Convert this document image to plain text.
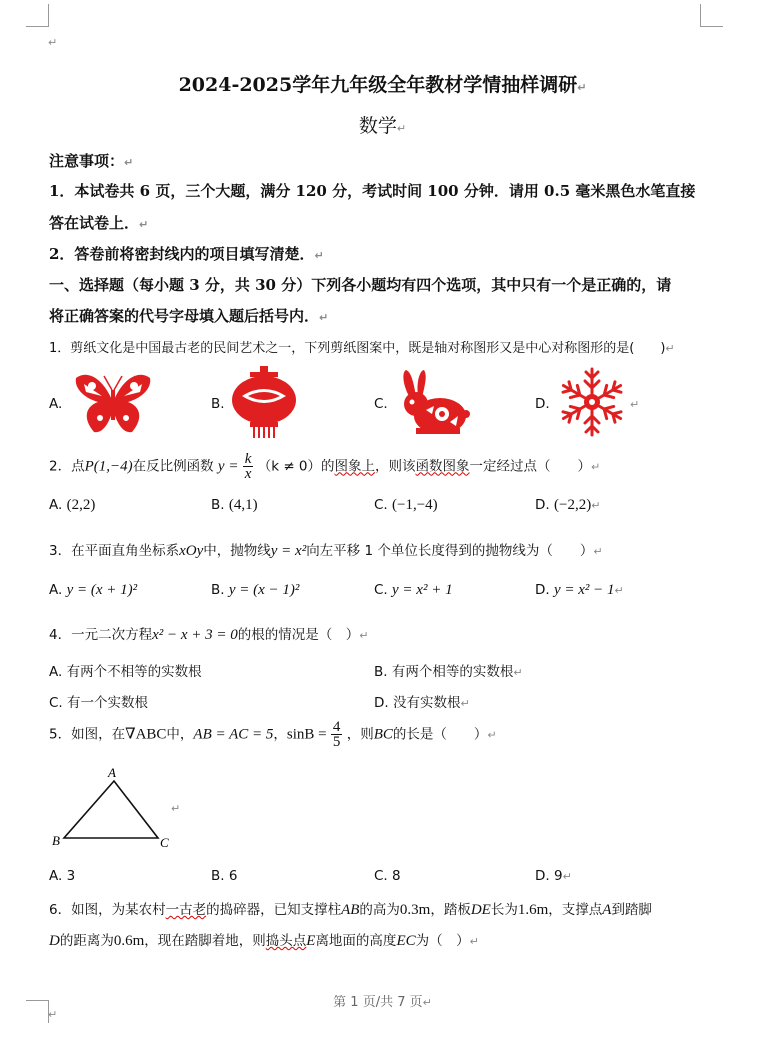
↵
2024-2025学年九年级全年教材学情抽样调研↵
数学↵
注意事项：↵
1．本试卷共 6 页，三个大题，满分 120 分，考试时间 100 分钟．请用 0.5 毫米黑色水笔直接
答在试卷上．↵
2．答卷前将密封线内的项目填写清楚．↵
一、选择题（每小题 3 分，共 30 分）下列各小题均有四个选项，其中只有一个是正确的，请
将正确答案的代号字母填入题后括号内．↵
1．剪纸文化是中国最古老的民间艺术之一，下列剪纸图案中，既是轴对称图形又是中心对称图形的是(　　)↵
A.	B.	C.	D.	↵
2．点P(1,−4)在反比例函数 $y = \frac{k}{x} (k \ne 0)$的图象上，则该函数图象一定经过点（　　）↵
A. (2,2)	B. (4,1)	C. (−1,−4)	D. (−2,2)↵
3．在平面直角坐标系xOy中，抛物线y = x²向左平移 1 个单位长度得到的抛物线为（　　）↵
A. y = (x + 1)²	B. y = (x − 1)²	C. y = x² + 1	D. y = x² − 1↵
4．一元二次方程x² − x + 3 = 0的根的情况是（　）↵
A. 有两个不相等的实数根	B. 有两个相等的实数根↵
C. 有一个实数根	D. 没有实数根↵
5．如图，在∇ABC中，AB = AC = 5，$\sin B = \frac{4}{5}$ ，则BC的长是（　　）↵
A
B	C
↵
A. 3	B. 6	C. 8	D. 9↵
6．如图，为某农村一古老的捣碎器，已知支撑柱AB的高为0.3m，踏板DE长为1.6m，支撑点A到踏脚
D的距离为0.6m，现在踏脚着地，则捣头点E离地面的高度EC为（　）↵
第 1 页/共 7 页↵
↵
